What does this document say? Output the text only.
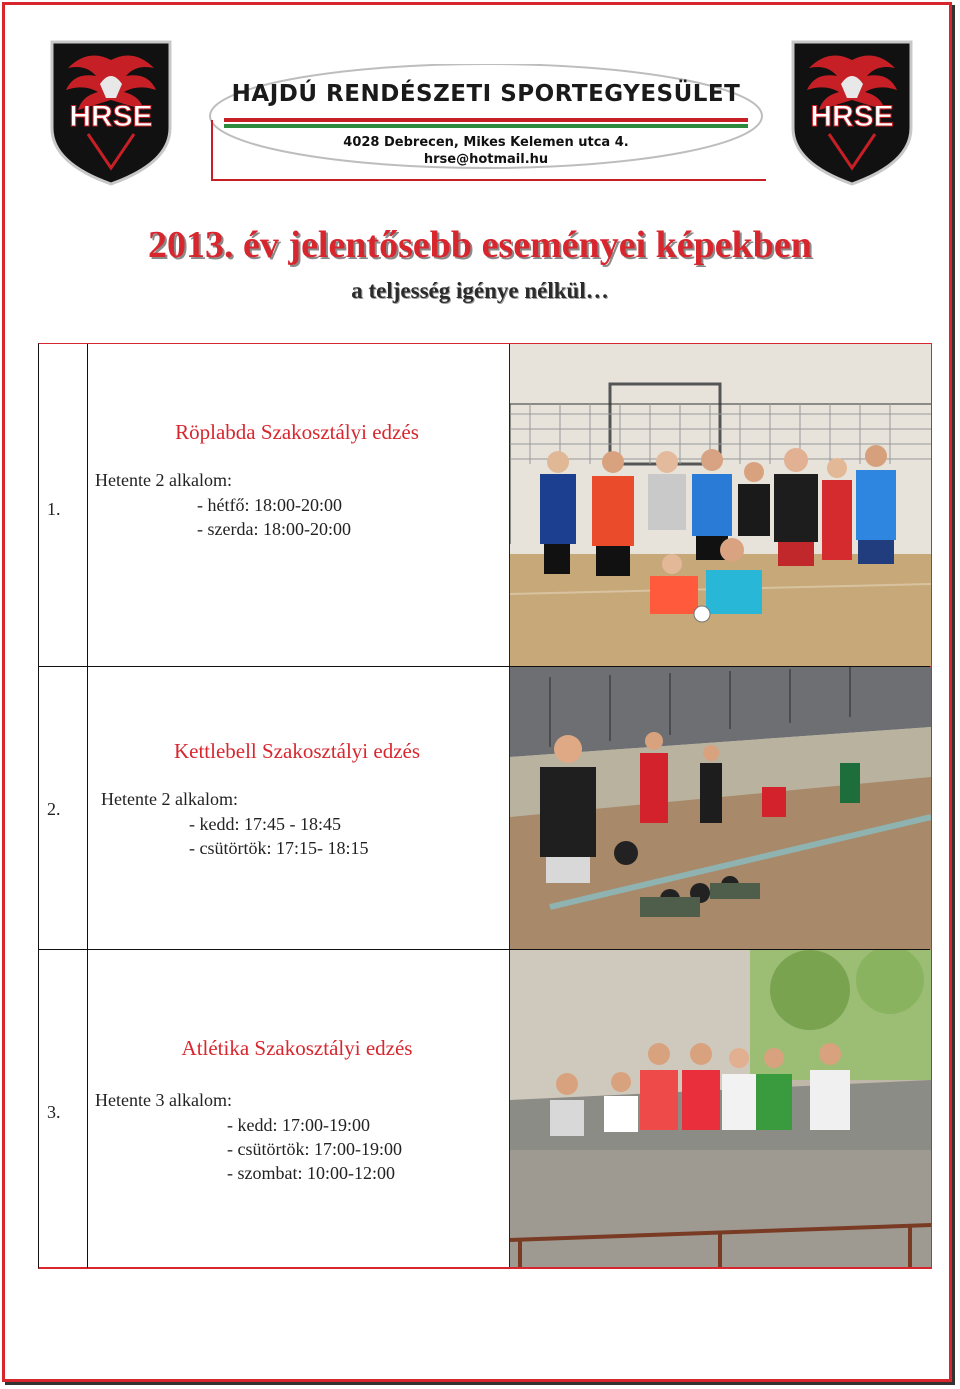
HRSE
HAJDÚ RENDÉSZETI SPORTEGYESÜLET
4028 Debrecen, Mikes Kelemen utca 4.
hrse@hotmail.hu
HRSE
2013. év jelentősebb eseményei képekben
a teljesség igénye nélkül…
1.
Röplabda Szakosztályi edzés
Hetente 2 alkalom:
- hétfő: 18:00-20:00
- szerda: 18:00-20:00
2.
Kettlebell Szakosztályi edzés
Hetente 2 alkalom:
- kedd: 17:45 - 18:45
- csütörtök: 17:15- 18:15
3.
Atlétika Szakosztályi edzés
Hetente 3 alkalom:
- kedd: 17:00-19:00
- csütörtök: 17:00-19:00
- szombat: 10:00-12:00
